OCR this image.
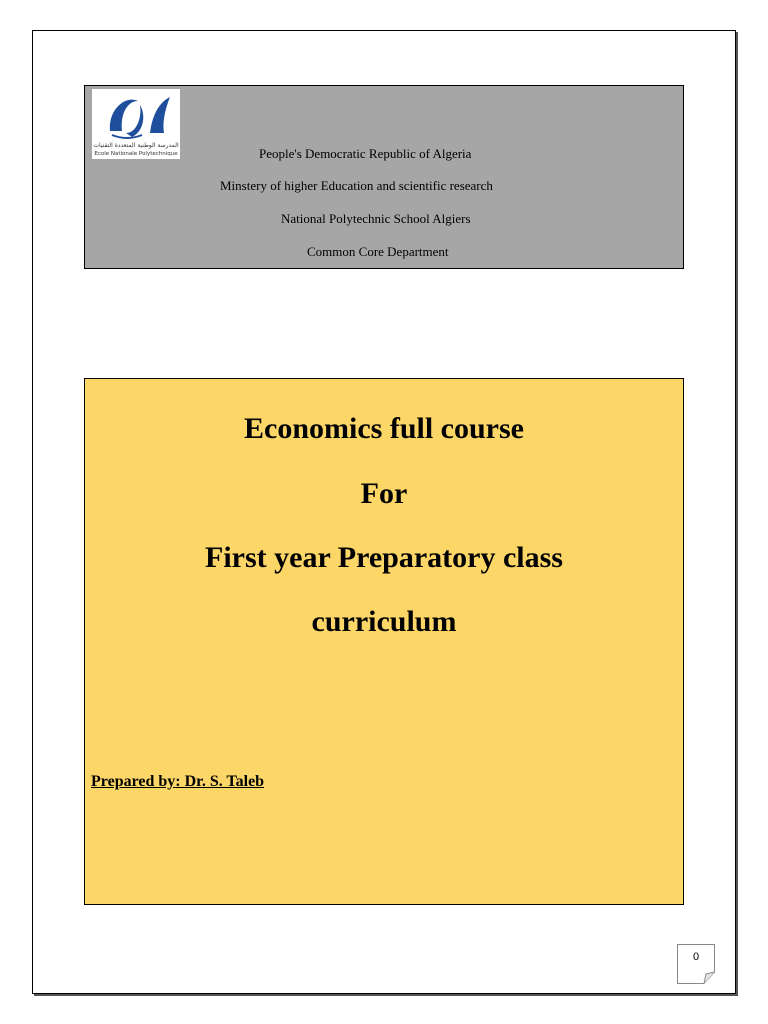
المدرسة الوطنية المتعددة التقنيات
Ecole Nationale Polytechnique	People's Democratic Republic of Algeria
Minstery of higher Education and scientific research
National Polytechnic School Algiers
Common Core Department
Economics full course
For
First year Preparatory class
curriculum
Prepared by: Dr. S. Taleb
0
